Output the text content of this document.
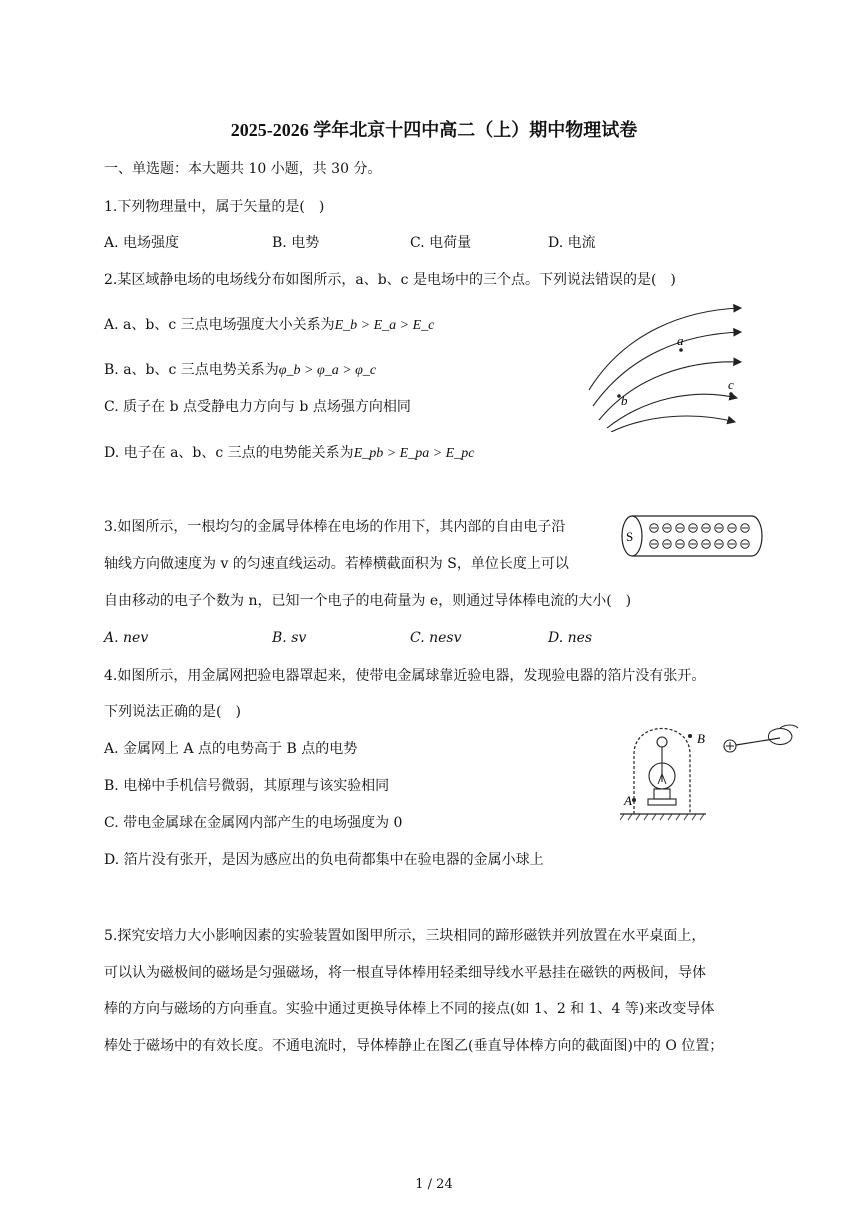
2025-2026 学年北京十四中高二（上）期中物理试卷
一、单选题：本大题共 10 小题，共 30 分。
1.下列物理量中，属于矢量的是(　)
A. 电场强度	B. 电势	C. 电荷量	D. 电流
2.某区域静电场的电场线分布如图所示，a、b、c 是电场中的三个点。下列说法错误的是(　)
A. a、b、c 三点电场强度大小关系为E_b > E_a > E_c
B. a、b、c 三点电势关系为φ_b > φ_a > φ_c
C. 质子在 b 点受静电力方向与 b 点场强方向相同
D. 电子在 a、b、c 三点的电势能关系为E_pb > E_pa > E_pc
a
b
c
3.如图所示，一根均匀的金属导体棒在电场的作用下，其内部的自由电子沿
轴线方向做速度为 v 的匀速直线运动。若棒横截面积为 S，单位长度上可以
自由移动的电子个数为 n，已知一个电子的电荷量为 e，则通过导体棒电流的大小(　)
A. nev	B. sv	C. nesv	D. nes
S
4.如图所示，用金属网把验电器罩起来，使带电金属球靠近验电器，发现验电器的箔片没有张开。
下列说法正确的是(　)
A. 金属网上 A 点的电势高于 B 点的电势
B. 电梯中手机信号微弱，其原理与该实验相同
C. 带电金属球在金属网内部产生的电场强度为 0
D. 箔片没有张开，是因为感应出的负电荷都集中在验电器的金属小球上
A
B
5.探究安培力大小影响因素的实验装置如图甲所示，三块相同的蹄形磁铁并列放置在水平桌面上，
可以认为磁极间的磁场是匀强磁场，将一根直导体棒用轻柔细导线水平悬挂在磁铁的两极间，导体
棒的方向与磁场的方向垂直。实验中通过更换导体棒上不同的接点(如 1、2 和 1、4 等)来改变导体
棒处于磁场中的有效长度。不通电流时，导体棒静止在图乙(垂直导体棒方向的截面图)中的 O 位置；
1 / 24
